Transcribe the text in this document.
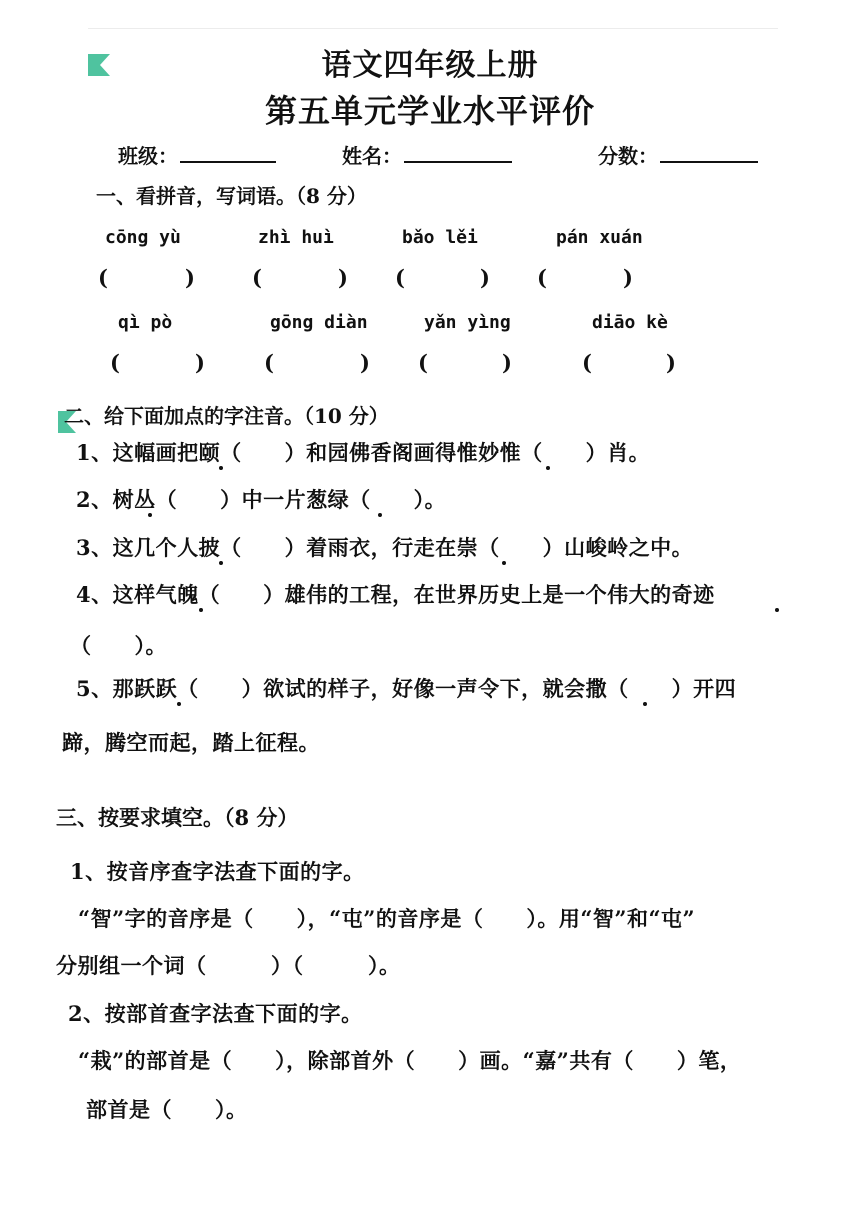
语文四年级上册
第五单元学业水平评价
班级：	姓名：	分数：
一、看拼音，写词语。（8 分）
cōng yù	zhì huì	bǎo lěi	pán xuán
(	)	(	) (	) (	)
qì pò	gōng diàn	yǎn yìng	diāo kè
(	)	(	) (	)	(	)
二、给下面加点的字注音。（10 分）
1、这幅画把颐（　　）和园佛香阁画得惟妙惟（　　）肖。
2、树丛（　　）中一片葱绿（　　）。
3、这几个人披（　　）着雨衣，行走在崇（　　）山峻岭之中。
4、这样气魄（　　）雄伟的工程，在世界历史上是一个伟大的奇迹
（　　）。
5、那跃跃（　　）欲试的样子，好像一声令下，就会撒（　　）开四
蹄，腾空而起，踏上征程。
三、按要求填空。（8 分）
1、按音序查字法查下面的字。
“智”字的音序是（　　），“屯”的音序是（　　）。用“智”和“屯”
分别组一个词（　　　）（　　　）。
2、按部首查字法查下面的字。
“栽”的部首是（　　），除部首外（　　）画。“嘉”共有（　　）笔，
部首是（　　）。
